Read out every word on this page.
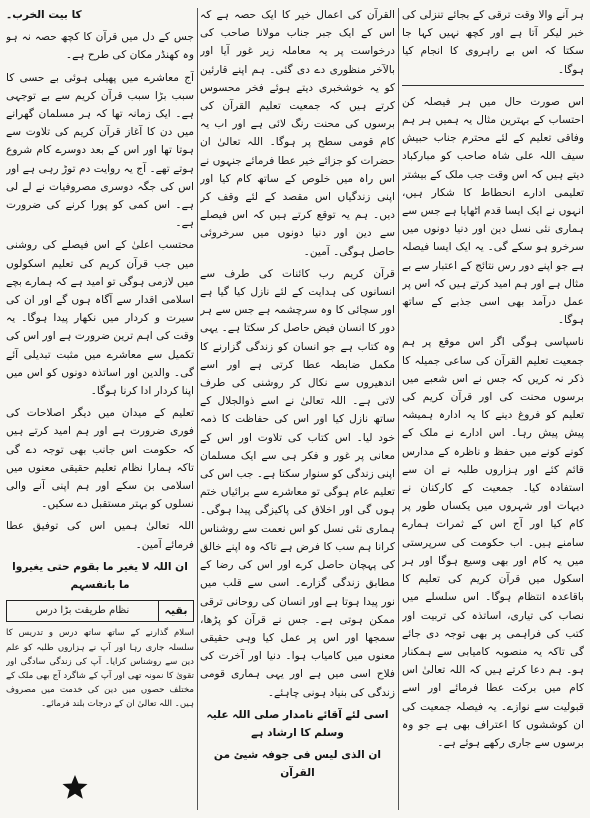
ہر آنے والا وقت ترقی کے بجائے تنزلی کی خبر لیکر آتا ہے اور کچھ نہیں کہا جا سکتا کہ اس بے راہروی کا انجام کیا ہوگا۔

اس صورت حال میں ہر فیصلہ کن احتساب کے بہترین مثال یہ ہمیں ہر ہم وفاقی تعلیم کے لئے محترم جناب حبیش سیف اللہ علی شاہ صاحب کو مبارکباد دیتے ہیں کہ اس وقت جب ملک کے بیشتر تعلیمی ادارے انحطاط کا شکار ہیں، انہوں نے ایک ایسا قدم اٹھایا ہے جس سے ہماری نئی نسل دین اور دنیا دونوں میں سرخرو ہو سکے گی۔ یہ ایک ایسا فیصلہ ہے جو اپنے دور رس نتائج کے اعتبار سے بے مثال ہے اور ہم امید کرتے ہیں کہ اس پر عمل درآمد بھی اسی جذبے کے ساتھ ہوگا۔

ناسپاسی ہوگی اگر اس موقع پر ہم جمعیت تعلیم القرآن کی ساعی جمیلہ کا ذکر نہ کریں کہ جس نے اس شعبے میں برسوں محنت کی اور قرآن کریم کی تعلیم کو فروغ دینے کا یہ ادارہ ہمیشہ پیش پیش رہا۔ اس ادارے نے ملک کے کونے کونے میں حفظ و ناظرہ کے مدارس قائم کئے اور ہزاروں طلبہ نے ان سے استفادہ کیا۔ جمعیت کے کارکنان نے دیہات اور شہروں میں یکساں طور پر کام کیا اور آج اس کے ثمرات ہمارے سامنے ہیں۔ اب حکومت کی سرپرستی میں یہ کام اور بھی وسیع ہوگا اور ہر اسکول میں قرآن کریم کی تعلیم کا باقاعدہ انتظام ہوگا۔ اس سلسلے میں نصاب کی تیاری، اساتذہ کی تربیت اور کتب کی فراہمی پر بھی توجہ دی جائے گی تاکہ یہ منصوبہ کامیابی سے ہمکنار ہو۔ ہم دعا کرتے ہیں کہ اللہ تعالیٰ اس کام میں برکت عطا فرمائے اور اسے قبولیت سے نوازے۔ یہ فیصلہ جمعیت کی ان کوششوں کا اعتراف بھی ہے جو وہ برسوں سے جاری رکھے ہوئے ہے۔

القرآن کی اعمال خیر کا ایک حصہ ہے کہ اس کے ایک جبر جناب مولانا صاحب کی درخواست پر یہ معاملہ زیر غور آیا اور بالآخر منظوری دے دی گئی۔ ہم اپنے قارئین کو یہ خوشخبری دیتے ہوئے فخر محسوس کرتے ہیں کہ جمعیت تعلیم القرآن کی برسوں کی محنت رنگ لائی ہے اور اب یہ کام قومی سطح پر ہوگا۔ اللہ تعالیٰ ان حضرات کو جزائے خیر عطا فرمائے جنہوں نے اس راہ میں خلوص کے ساتھ کام کیا اور اپنی زندگیاں اس مقصد کے لئے وقف کر دیں۔ ہم یہ توقع کرتے ہیں کہ اس فیصلے سے دین اور دنیا دونوں میں سرخروئی حاصل ہوگی۔ آمین۔

قرآن کریم رب کائنات کی طرف سے انسانوں کی ہدایت کے لئے نازل کیا گیا ہے اور سچائی کا وہ سرچشمہ ہے جس سے ہر دور کا انسان فیض حاصل کر سکتا ہے۔ یہی وہ کتاب ہے جو انسان کو زندگی گزارنے کا مکمل ضابطہ عطا کرتی ہے اور اسے اندھیروں سے نکال کر روشنی کی طرف لاتی ہے۔ اللہ تعالیٰ نے اسے ذوالجلال کے ساتھ نازل کیا اور اس کی حفاظت کا ذمہ خود لیا۔ اس کتاب کی تلاوت اور اس کے معانی پر غور و فکر ہی سے ایک مسلمان اپنی زندگی کو سنوار سکتا ہے۔ جب اس کی تعلیم عام ہوگی تو معاشرے سے برائیاں ختم ہوں گی اور اخلاق کی پاکیزگی پیدا ہوگی۔ ہماری نئی نسل کو اس نعمت سے روشناس کرانا ہم سب کا فرض ہے تاکہ وہ اپنے خالق کی پہچان حاصل کرے اور اس کی رضا کے مطابق زندگی گزارے۔ اسی سے قلب میں نور پیدا ہوتا ہے اور انسان کی روحانی ترقی ممکن ہوتی ہے۔ جس نے قرآن کو پڑھا، سمجھا اور اس پر عمل کیا وہی حقیقی معنوں میں کامیاب ہوا۔ دنیا اور آخرت کی فلاح اسی میں ہے اور یہی ہماری قومی زندگی کی بنیاد ہونی چاہئے۔

اسی لئے آقائے نامدار صلی اللہ علیہ وسلم کا ارشاد ہے

ان الذی لیس فی جوفہ شیئ من القرآن

کا بیت الخرب۔

جس کے دل میں قرآن کا کچھ حصہ نہ ہو وہ کھنڈر مکان کی طرح ہے۔

آج معاشرے میں پھیلی ہوئی بے حسی کا سبب بڑا سبب قرآن کریم سے بے توجہی ہے۔ ایک زمانہ تھا کہ ہر مسلمان گھرانے میں دن کا آغاز قرآن کریم کی تلاوت سے ہوتا تھا اور اس کے بعد دوسرے کام شروع ہوتے تھے۔ آج یہ روایت دم توڑ رہی ہے اور اس کی جگہ دوسری مصروفیات نے لے لی ہے۔ اس کمی کو پورا کرنے کی ضرورت ہے۔

محتسب اعلیٰ کے اس فیصلے کی روشنی میں جب قرآن کریم کی تعلیم اسکولوں میں لازمی ہوگی تو امید ہے کہ ہمارے بچے اسلامی اقدار سے آگاہ ہوں گے اور ان کی سیرت و کردار میں نکھار پیدا ہوگا۔ یہ وقت کی اہم ترین ضرورت ہے اور اس کی تکمیل سے معاشرے میں مثبت تبدیلی آئے گی۔ والدین اور اساتذہ دونوں کو اس میں اپنا کردار ادا کرنا ہوگا۔

تعلیم کے میدان میں دیگر اصلاحات کی فوری ضرورت ہے اور ہم امید کرتے ہیں کہ حکومت اس جانب بھی توجہ دے گی تاکہ ہمارا نظام تعلیم حقیقی معنوں میں اسلامی بن سکے اور ہم اپنی آنے والی نسلوں کو بہتر مستقبل دے سکیں۔

اللہ تعالیٰ ہمیں اس کی توفیق عطا فرمائے آمین۔

ان اللہ لا یغیر ما بقوم حتی یغیروا ما بانفسہم

بقیہ
نظام طریقت بڑا درس

اسلام گذارنے کے ساتھ ساتھ درس و تدریس کا سلسلہ جاری رہا اور آپ نے ہزاروں طلبہ کو علم دین سے روشناس کرایا۔ آپ کی زندگی سادگی اور تقویٰ کا نمونہ تھی اور آپ کے شاگرد آج بھی ملک کے مختلف حصوں میں دین کی خدمت میں مصروف ہیں۔ اللہ تعالیٰ ان کے درجات بلند فرمائے۔
